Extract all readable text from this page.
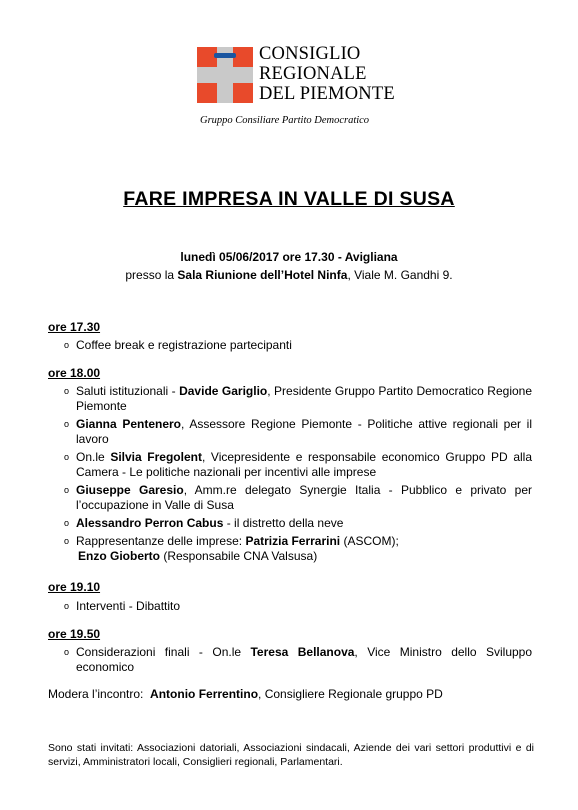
CONSIGLIO
REGIONALE
DEL PIEMONTE
Gruppo Consiliare Partito Democratico
FARE IMPRESA IN VALLE DI SUSA
lunedì 05/06/2017 ore 17.30 - Avigliana
presso la Sala Riunione dell’Hotel Ninfa, Viale M. Gandhi 9.
ore 17.30
o Coffee break e registrazione partecipanti
ore 18.00
o Saluti istituzionali - Davide Gariglio, Presidente Gruppo Partito Democratico Regione Piemonte
o Gianna Pentenero, Assessore Regione Piemonte - Politiche attive regionali per il lavoro
o On.le Silvia Fregolent, Vicepresidente e responsabile economico Gruppo PD alla Camera - Le politiche nazionali per incentivi alle imprese
o Giuseppe Garesio, Amm.re delegato Synergie Italia - Pubblico e privato per l’occupazione in Valle di Susa
o Alessandro Perron Cabus - il distretto della neve
o Rappresentanze delle imprese: Patrizia Ferrarini (ASCOM);
Enzo Gioberto (Responsabile CNA Valsusa)
ore 19.10
o Interventi - Dibattito
ore 19.50
o Considerazioni finali - On.le Teresa Bellanova, Vice Ministro dello Sviluppo economico
Modera l’incontro:  Antonio Ferrentino, Consigliere Regionale gruppo PD
Sono stati invitati: Associazioni datoriali, Associazioni sindacali, Aziende dei vari settori produttivi e di servizi, Amministratori locali, Consiglieri regionali, Parlamentari.
